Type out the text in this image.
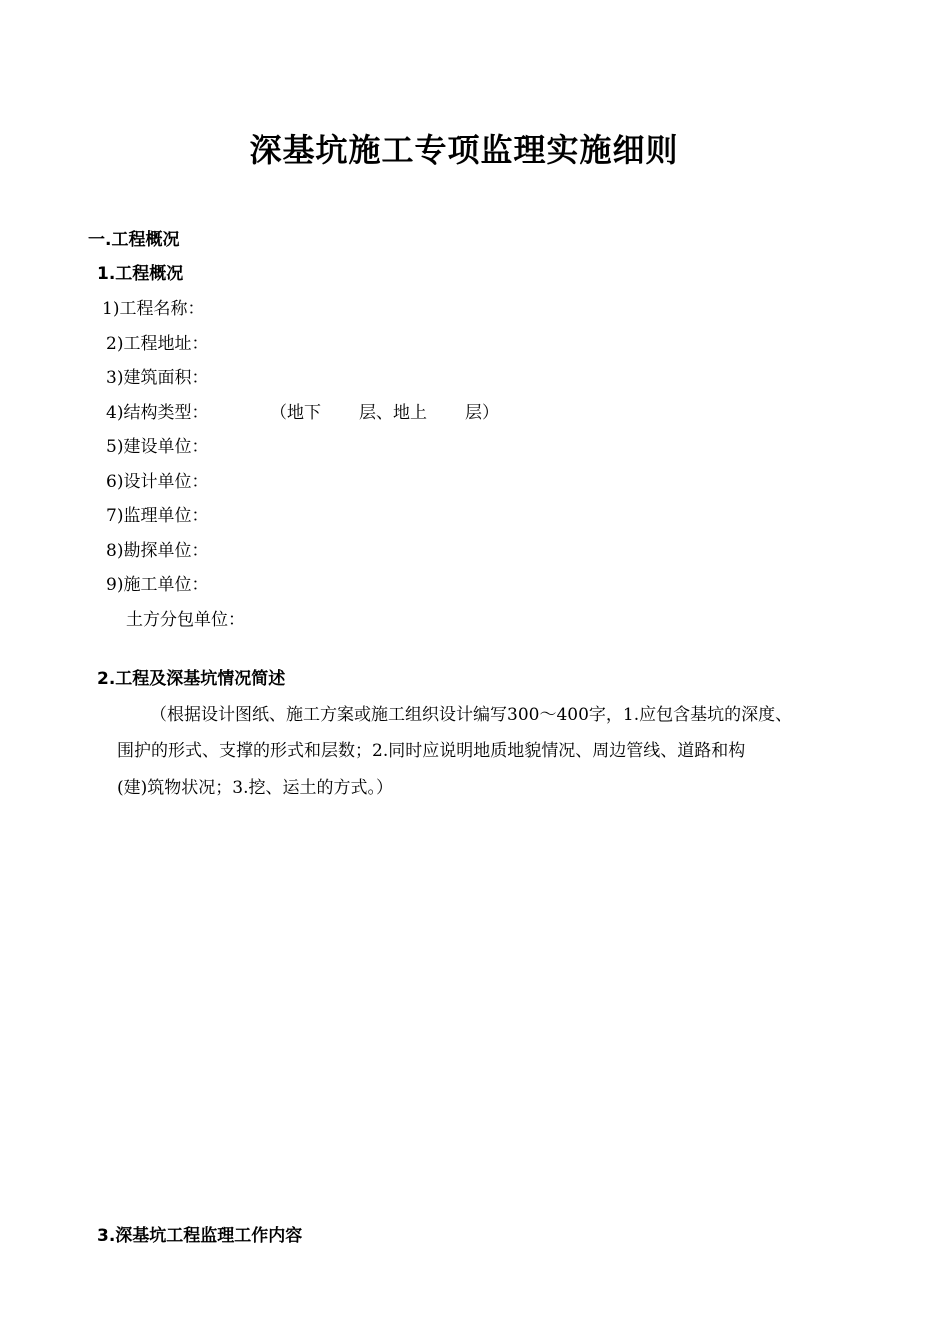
深基坑施工专项监理实施细则
一.工程概况
1.工程概况
1)工程名称：
2)工程地址：
3)建筑面积：
4)结构类型：	（地下 层、地上 层）
5)建设单位：
6)设计单位：
7)监理单位：
8)勘探单位：
9)施工单位：
土方分包单位：
2.工程及深基坑情况简述
（根据设计图纸、施工方案或施工组织设计编写300～400字，1.应包含基坑的深度、
围护的形式、支撑的形式和层数；2.同时应说明地质地貌情况、周边管线、道路和构
(建)筑物状况；3.挖、运土的方式。）
3.深基坑工程监理工作内容
